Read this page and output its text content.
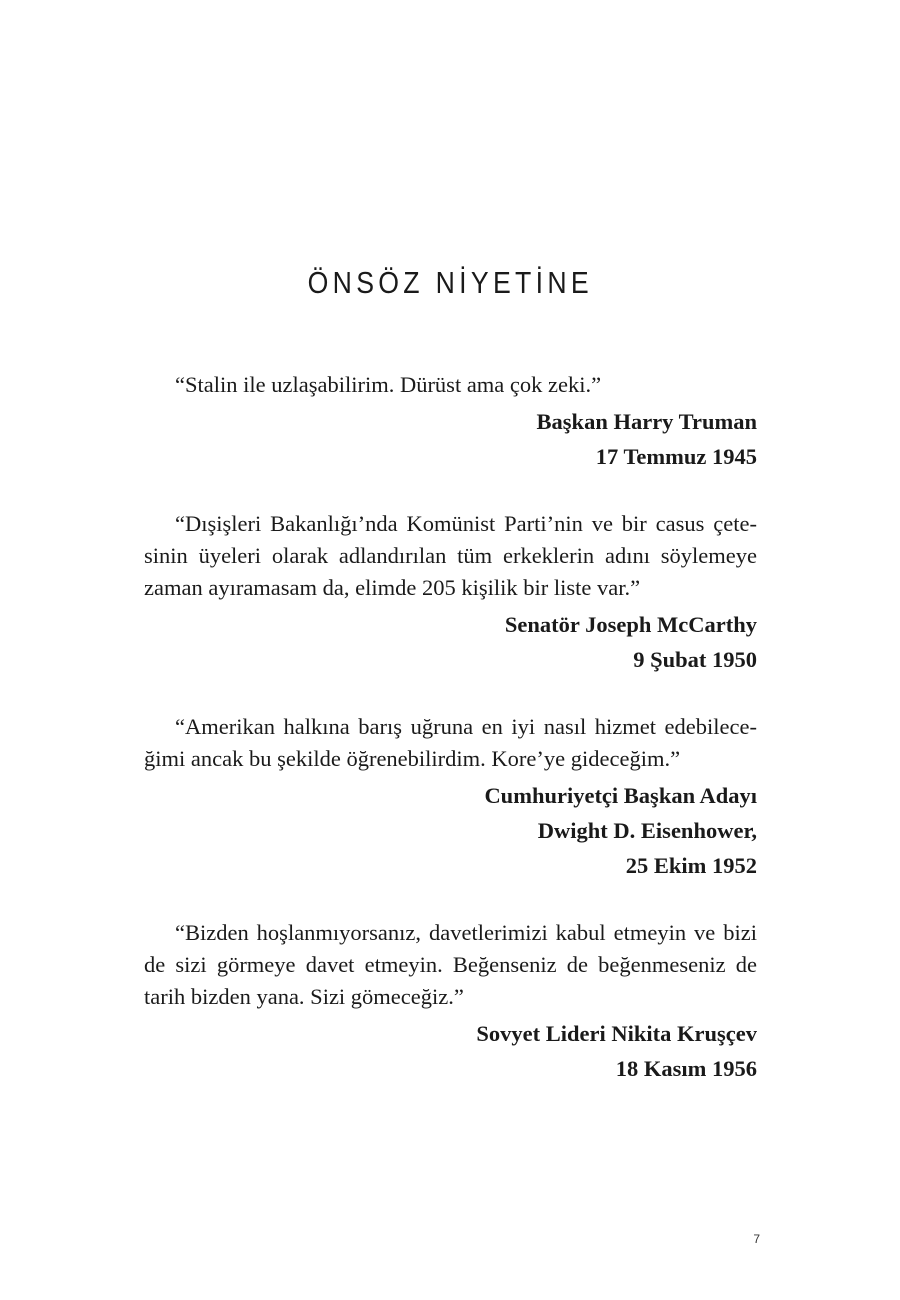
ÖNSÖZ NİYETİNE

“Stalin ile uzlaşabilirim. Dürüst ama çok zeki.”

Başkan Harry Truman

17 Temmuz 1945

“Dışişleri Bakanlığı’nda Komünist Parti’nin ve bir casus çete-sinin üyeleri olarak adlandırılan tüm erkeklerin adını söylemeye zaman ayıramasam da, elimde 205 kişilik bir liste var.”

Senatör Joseph McCarthy

9 Şubat 1950

“Amerikan halkına barış uğruna en iyi nasıl hizmet edebilece-ğimi ancak bu şekilde öğrenebilirdim. Kore’ye gideceğim.”

Cumhuriyetçi Başkan Adayı

Dwight D. Eisenhower,

25 Ekim 1952

“Bizden hoşlanmıyorsanız, davetlerimizi kabul etmeyin ve bizi de sizi görmeye davet etmeyin. Beğenseniz de beğenmeseniz de tarih bizden yana. Sizi gömeceğiz.”

Sovyet Lideri Nikita Kruşçev

18 Kasım 1956

7
